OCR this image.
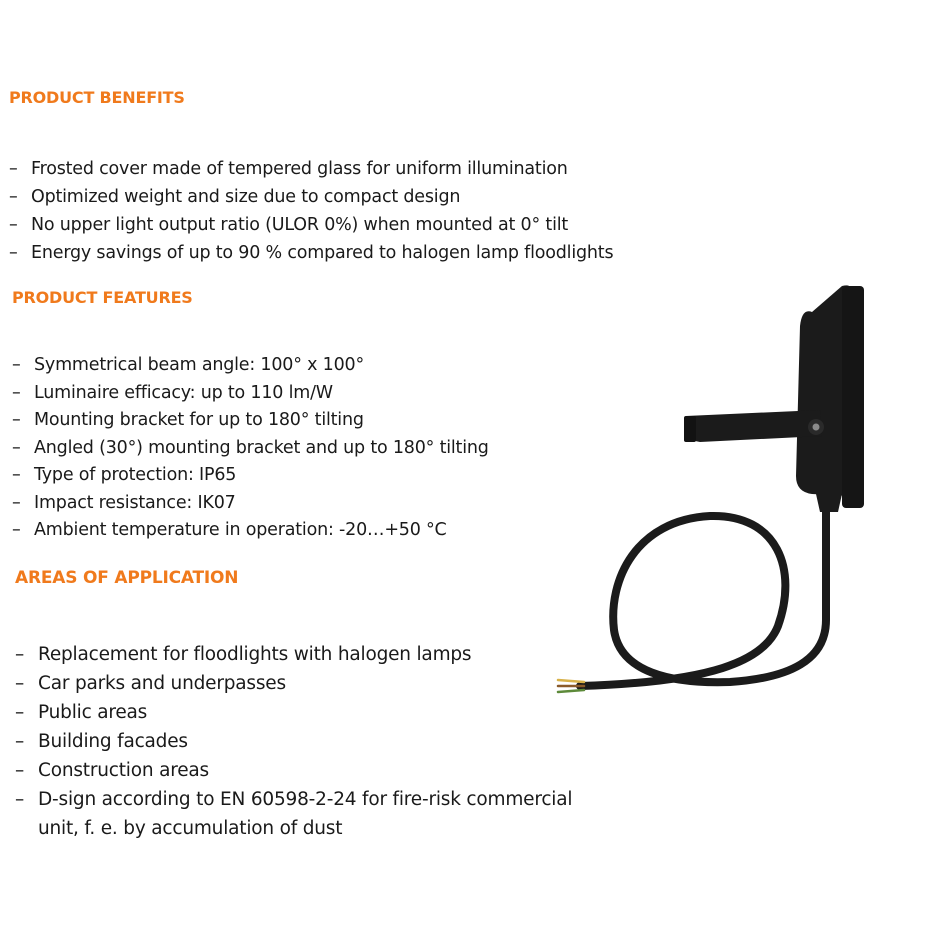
PRODUCT BENEFITS
– Frosted cover made of tempered glass for uniform illumination
– Optimized weight and size due to compact design
– No upper light output ratio (ULOR 0%) when mounted at 0° tilt
– Energy savings of up to 90 % compared to halogen lamp floodlights
PRODUCT FEATURES
– Symmetrical beam angle: 100° x 100°
– Luminaire efficacy: up to 110 lm/W
– Mounting bracket for up to 180° tilting
– Angled (30°) mounting bracket and up to 180° tilting
– Type of protection: IP65
– Impact resistance: IK07
– Ambient temperature in operation: -20…+50 °C
AREAS OF APPLICATION
– Replacement for floodlights with halogen lamps
– Car parks and underpasses
– Public areas
– Building facades
– Construction areas
– D-sign according to EN 60598-2-24 for fire-risk commercial unit, f. e. by accumulation of dust
